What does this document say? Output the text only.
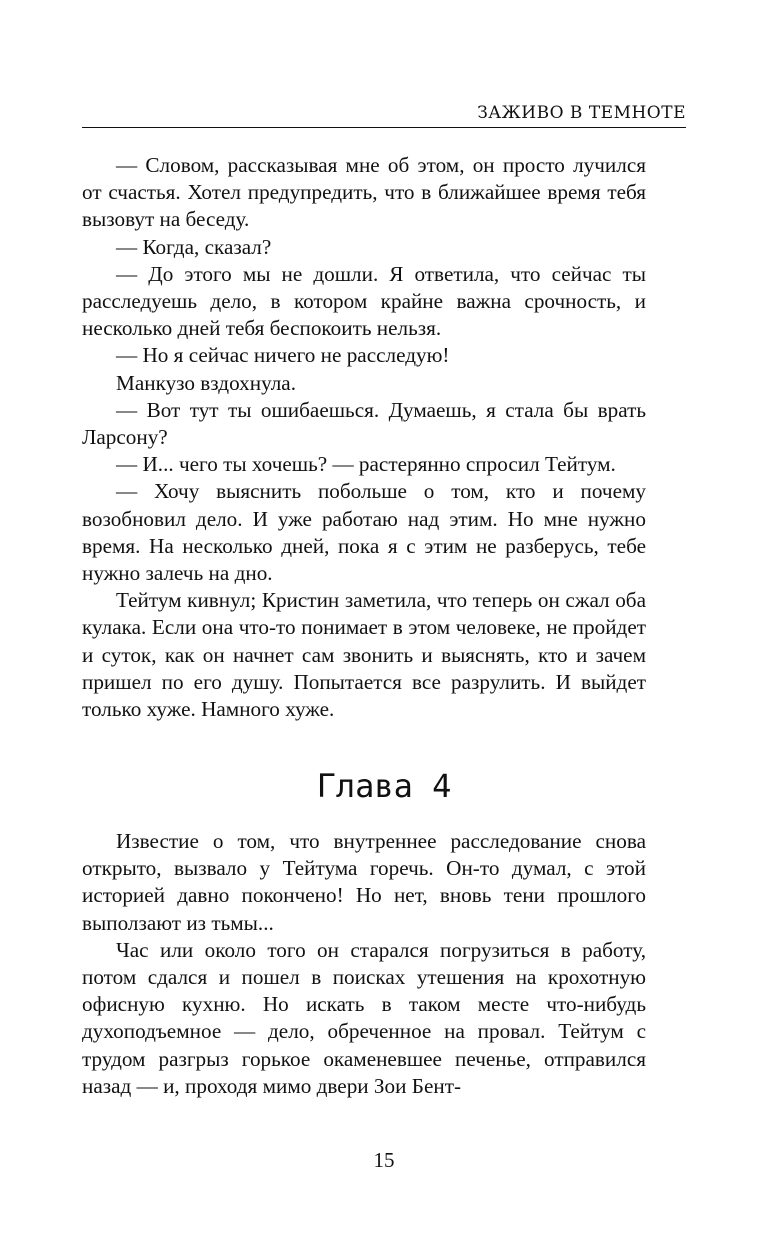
ЗАЖИВО В ТЕМНОТЕ

— Словом, рассказывая мне об этом, он просто лучился от счастья. Хотел предупредить, что в ближайшее время тебя вызовут на беседу.

— Когда, сказал?

— До этого мы не дошли. Я ответила, что сейчас ты расследуешь дело, в котором крайне важна срочность, и несколько дней тебя беспокоить нельзя.

— Но я сейчас ничего не расследую!

Манкузо вздохнула.

— Вот тут ты ошибаешься. Думаешь, я стала бы врать Ларсону?

— И... чего ты хочешь? — растерянно спросил Тейтум.

— Хочу выяснить побольше о том, кто и почему возобновил дело. И уже работаю над этим. Но мне нужно время. На несколько дней, пока я с этим не разберусь, тебе нужно залечь на дно.

Тейтум кивнул; Кристин заметила, что теперь он сжал оба кулака. Если она что-то понимает в этом человеке, не пройдет и суток, как он начнет сам звонить и выяснять, кто и зачем пришел по его душу. Попытается все разрулить. И выйдет только хуже. Намного хуже.

Глава 4

Известие о том, что внутреннее расследование снова открыто, вызвало у Тейтума горечь. Он-то думал, с этой историей давно покончено! Но нет, вновь тени прошлого выползают из тьмы...

Час или около того он старался погрузиться в работу, потом сдался и пошел в поисках утешения на крохотную офисную кухню. Но искать в таком месте что-нибудь духоподъемное — дело, обреченное на провал. Тейтум с трудом разгрыз горькое окаменевшее печенье, отправился назад — и, проходя мимо двери Зои Бент-

15
